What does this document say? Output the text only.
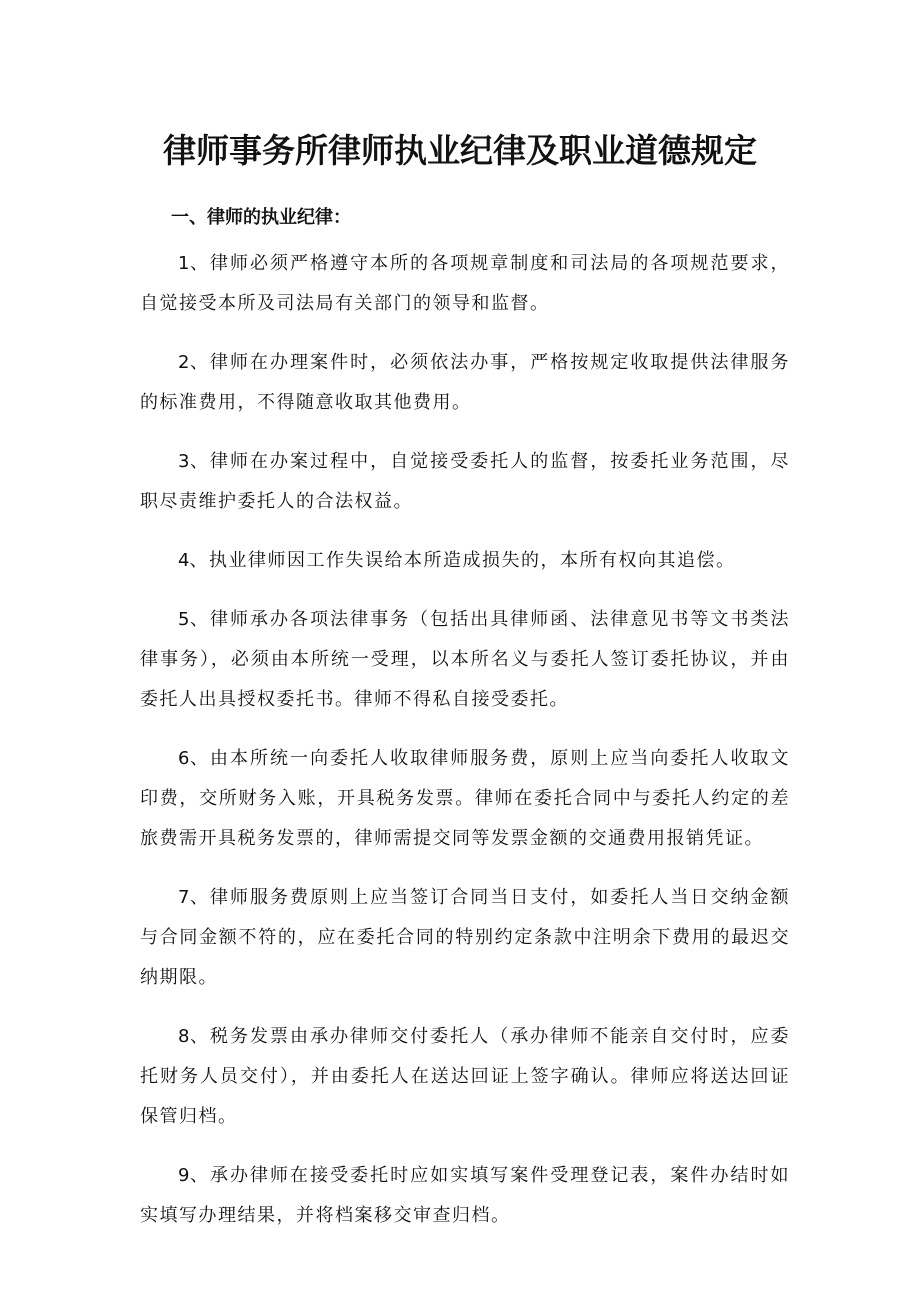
律师事务所律师执业纪律及职业道德规定

一、律师的执业纪律：

1、律师必须严格遵守本所的各项规章制度和司法局的各项规范要求，自觉接受本所及司法局有关部门的领导和监督。

2、律师在办理案件时，必须依法办事，严格按规定收取提供法律服务的标准费用，不得随意收取其他费用。

3、律师在办案过程中，自觉接受委托人的监督，按委托业务范围，尽职尽责维护委托人的合法权益。

4、执业律师因工作失误给本所造成损失的，本所有权向其追偿。

5、律师承办各项法律事务（包括出具律师函、法律意见书等文书类法律事务），必须由本所统一受理，以本所名义与委托人签订委托协议，并由委托人出具授权委托书。律师不得私自接受委托。

6、由本所统一向委托人收取律师服务费，原则上应当向委托人收取文印费，交所财务入账，开具税务发票。律师在委托合同中与委托人约定的差旅费需开具税务发票的，律师需提交同等发票金额的交通费用报销凭证。

7、律师服务费原则上应当签订合同当日支付，如委托人当日交纳金额与合同金额不符的，应在委托合同的特别约定条款中注明余下费用的最迟交纳期限。

8、税务发票由承办律师交付委托人（承办律师不能亲自交付时，应委托财务人员交付），并由委托人在送达回证上签字确认。律师应将送达回证保管归档。

9、承办律师在接受委托时应如实填写案件受理登记表，案件办结时如实填写办理结果，并将档案移交审查归档。
